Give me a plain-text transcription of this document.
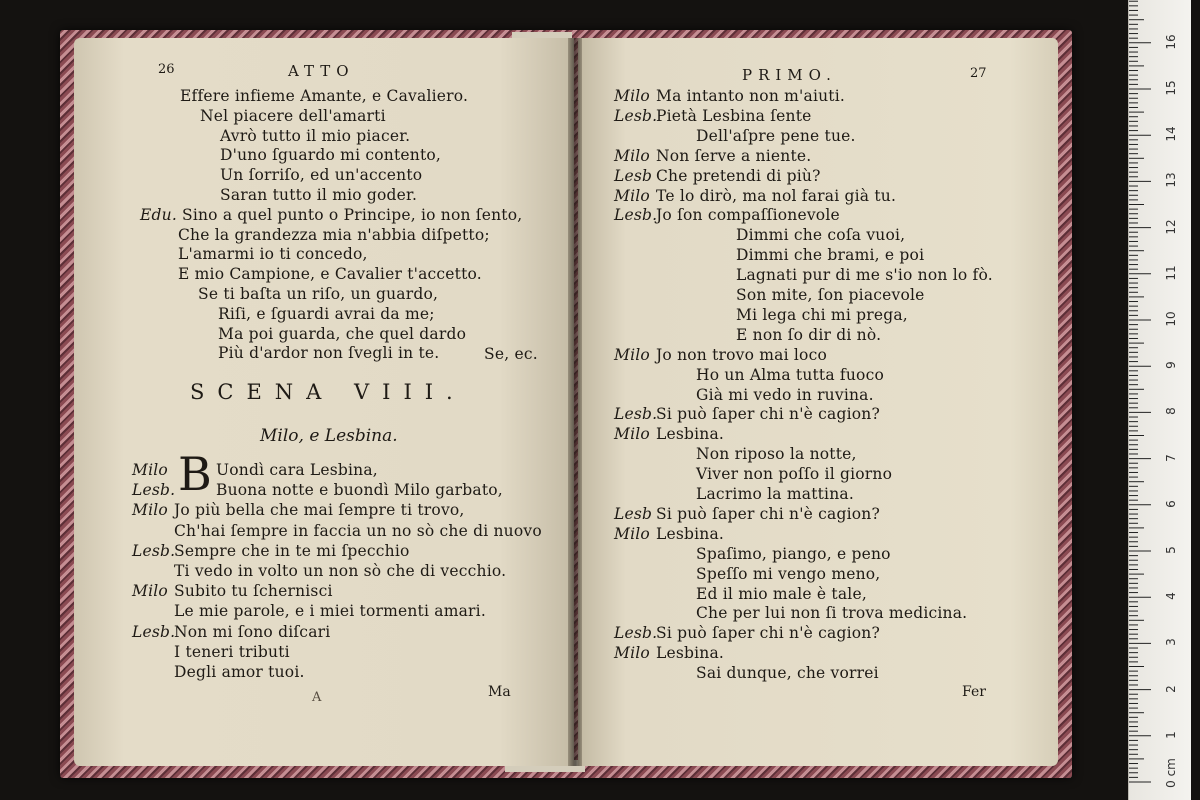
26	ATTO
Effere infieme Amante, e Cavaliero.
Nel piacere dell'amarti
Avrò tutto il mio piacer.
D'uno ſguardo mi contento,
Un ſorriſo, ed un'accento
Saran tutto il mio goder.
Edu. Sino a quel punto o Principe, io non ſento,
Che la grandezza mia n'abbia diſpetto;
L'amarmi io ti concedo,
E mio Campione, e Cavalier t'accetto.
Se ti baſta un riſo, un guardo,
Riſi, e ſguardi avrai da me;
Ma poi guarda, che quel dardo
Più d'ardor non ſvegli in te.	Se, ec.
SCENA VIII.
Milo, e Lesbina.
B
Milo	Uondì cara Lesbina,
Lesb.	Buona notte e buondì Milo garbato,
Milo Jo più bella che mai ſempre ti trovo,
Ch'hai ſempre in faccia un no sò che di nuovo
Lesb.
Sempre che in te mi ſpecchio
Ti vedo in volto un non sò che di vecchio.
Milo Subito tu ſchernisci
Le mie parole, e i miei tormenti amari.
Lesb.
Non mi ſono diſcari
I teneri tributi
Degli amor tuoi.
Ma
A
PRIMO.	27
Milo Ma intanto non m'aiuti.
Lesb.
Pietà Lesbina ſente
Dell'aſpre pene tue.
Milo Non ſerve a niente.
Lesb Che pretendi di più?
Milo Te lo dirò, ma nol farai già tu.
Lesb.
Jo ſon compaſſionevole
Dimmi che coſa vuoi,
Dimmi che brami, e poi
Lagnati pur di me s'io non lo fò.
Son mite, ſon piacevole
Mi lega chi mi prega,
E non ſo dir di nò.
Milo Jo non trovo mai loco
Ho un Alma tutta fuoco
Già mi vedo in ruvina.
Lesb.
Si può ſaper chi n'è cagion?
Milo Lesbina.
Non riposo la notte,
Viver non poſſo il giorno
Lacrimo la mattina.
Lesb Si può ſaper chi n'è cagion?
Milo Lesbina.
Spaſimo, piango, e peno
Speſſo mi vengo meno,
Ed il mio male è tale,
Che per lui non ſi trova medicina.
Lesb.
Si può ſaper chi n'è cagion?
Milo Lesbina.
Sai dunque, che vorrei
Fer
16
15
14
13
12
11
10
9
8
7
6
5
4
3
2
1
0 cm
